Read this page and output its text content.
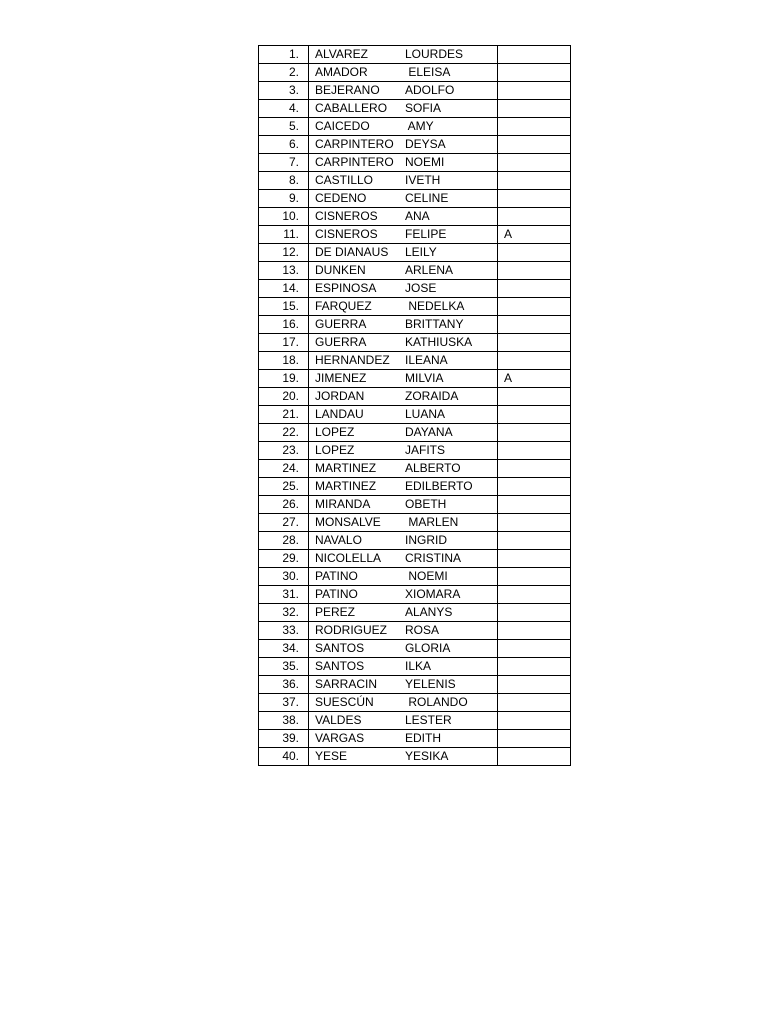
1.	ALVAREZ LOURDES	
2.	AMADOR ELEISA	
3.	BEJERANO ADOLFO	
4.	CABALLERO SOFIA	
5.	CAICEDO AMY	
6.	CARPINTERO DEYSA	
7.	CARPINTERO NOEMI	
8.	CASTILLO IVETH	
9.	CEDENO CELINE	
10.	CISNEROS ANA	
11.	CISNEROS FELIPE	A
12.	DE DIANAUS LEILY	
13.	DUNKEN ARLENA	
14.	ESPINOSA JOSE	
15.	FARQUEZ NEDELKA	
16.	GUERRA BRITTANY	
17.	GUERRA KATHIUSKA	
18.	HERNANDEZ ILEANA	
19.	JIMENEZ MILVIA	A
20.	JORDAN ZORAIDA	
21.	LANDAU LUANA	
22.	LOPEZ DAYANA	
23.	LOPEZ JAFITS	
24.	MARTINEZ ALBERTO	
25.	MARTINEZ EDILBERTO	
26.	MIRANDA OBETH	
27.	MONSALVE MARLEN	
28.	NAVALO INGRID	
29.	NICOLELLA CRISTINA	
30.	PATINO NOEMI	
31.	PATINO XIOMARA	
32.	PEREZ ALANYS	
33.	RODRIGUEZ ROSA	
34.	SANTOS GLORIA	
35.	SANTOS ILKA	
36.	SARRACIN YELENIS	
37.	SUESCÚN ROLANDO	
38.	VALDES LESTER	
39.	VARGAS EDITH	
40.	YESE YESIKA	
